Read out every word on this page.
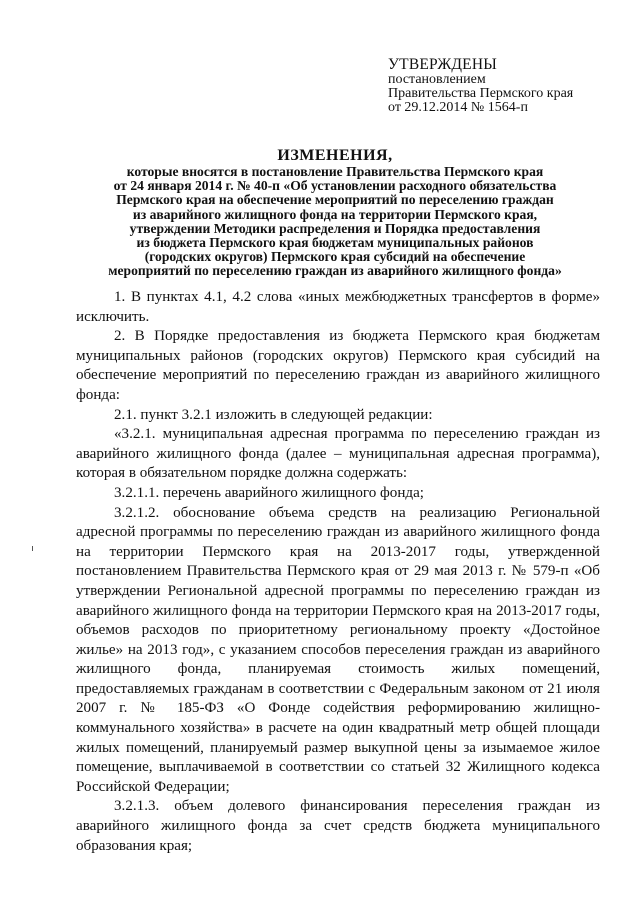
УТВЕРЖДЕНЫ
постановлением
Правительства Пермского края
от 29.12.2014 № 1564-п
ИЗМЕНЕНИЯ,
которые вносятся в постановление Правительства Пермского края
от 24 января 2014 г. № 40-п «Об установлении расходного обязательства
Пермского края на обеспечение мероприятий по переселению граждан
из аварийного жилищного фонда на территории Пермского края,
утверждении Методики распределения и Порядка предоставления
из бюджета Пермского края бюджетам муниципальных районов
(городских округов) Пермского края субсидий на обеспечение
мероприятий по переселению граждан из аварийного жилищного фонда»

1. В пунктах 4.1, 4.2 слова «иных межбюджетных трансфертов в форме» исключить.

2. В Порядке предоставления из бюджета Пермского края бюджетам муниципальных районов (городских округов) Пермского края субсидий на обеспечение мероприятий по переселению граждан из аварийного жилищного фонда:

2.1. пункт 3.2.1 изложить в следующей редакции:

«3.2.1. муниципальная адресная программа по переселению граждан из аварийного жилищного фонда (далее – муниципальная адресная программа), которая в обязательном порядке должна содержать:

3.2.1.1. перечень аварийного жилищного фонда;

3.2.1.2. обоснование объема средств на реализацию Региональной адресной программы по переселению граждан из аварийного жилищного фонда на территории Пермского края на 2013-2017 годы, утвержденной постановлением Правительства Пермского края от 29 мая 2013 г. № 579-п «Об утверждении Региональной адресной программы по переселению граждан из аварийного жилищного фонда на территории Пермского края на 2013-2017 годы, объемов расходов по приоритетному региональному проекту «Достойное жилье» на 2013 год», с указанием способов переселения граждан из аварийного жилищного фонда, планируемая стоимость жилых помещений, предоставляемых гражданам в соответствии с Федеральным законом от 21 июля 2007 г. № 185-ФЗ «О Фонде содействия реформированию жилищно-коммунального хозяйства» в расчете на один квадратный метр общей площади жилых помещений, планируемый размер выкупной цены за изымаемое жилое помещение, выплачиваемой в соответствии со статьей 32 Жилищного кодекса Российской Федерации;

3.2.1.3. объем долевого финансирования переселения граждан из аварийного жилищного фонда за счет средств бюджета муниципального образования края;
